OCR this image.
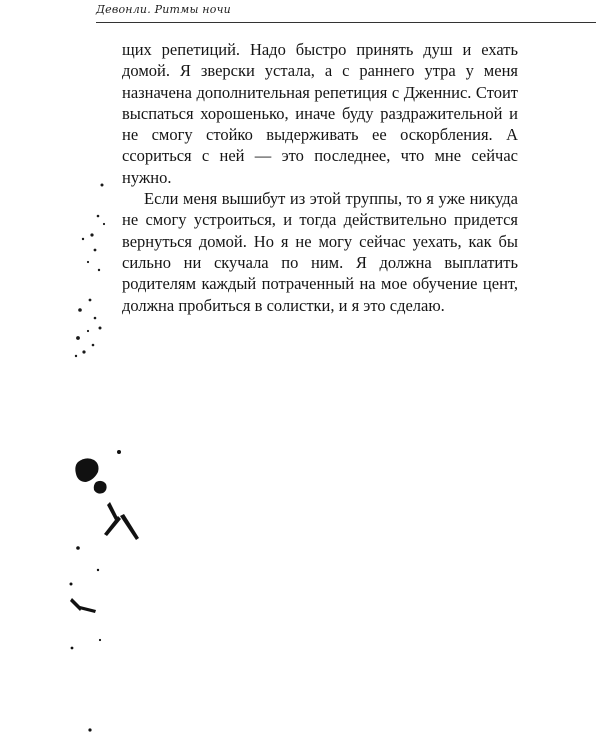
Девонли. Ритмы ночи

щих репетиций. Надо быстро принять душ и ехать домой. Я зверски устала, а с раннего утра у меня назначена дополнительная репетиция с Дженнис. Стоит выспаться хорошенько, иначе буду раздражительной и не смогу стойко выдерживать ее оскорбления. А ссориться с ней — это последнее, что мне сейчас нужно.

Если меня вышибут из этой труппы, то я уже никуда не смогу устроиться, и тогда действительно придется вернуться домой. Но я не могу сейчас уехать, как бы сильно ни скучала по ним. Я должна выплатить родителям каждый потраченный на мое обучение цент, должна пробиться в солистки, и я это сделаю.
